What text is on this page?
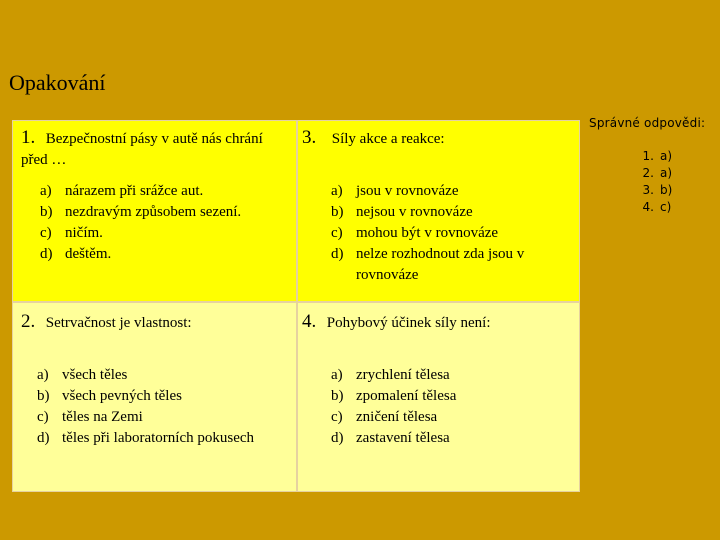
Opakování
1. Bezpečnostní pásy v autě nás chrání před …
a) nárazem při srážce aut.
b) nezdravým způsobem sezení.
c) ničím.
d) deštěm.
3. Síly akce a reakce:
a) jsou v rovnováze
b) nejsou v rovnováze
c) mohou být v rovnováze
d) nelze rozhodnout zda jsou v rovnováze
2. Setrvačnost je vlastnost:
a) všech těles
b) všech pevných těles
c) těles na Zemi
d) těles při laboratorních pokusech
4. Pohybový účinek síly není:
a) zrychlení tělesa
b) zpomalení tělesa
c) zničení tělesa
d) zastavení tělesa
Správné odpovědi:
1. a)
2. a)
3. b)
4. c)
